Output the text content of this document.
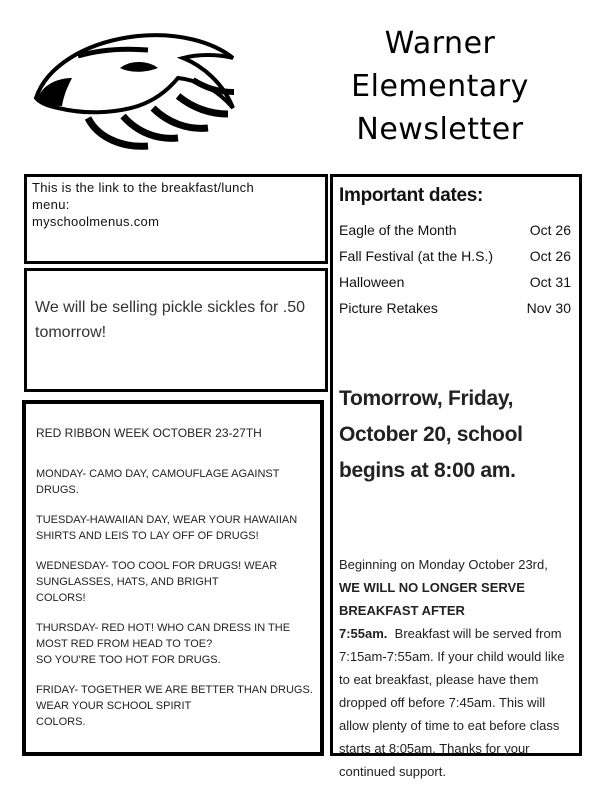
Warner
Elementary
Newsletter

This is the link to the breakfast/lunch

menu:

myschoolmenus.com

We will be selling pickle sickles for .50 tomorrow!

RED RIBBON WEEK OCTOBER 23-27TH

MONDAY- CAMO DAY, CAMOUFLAGE AGAINST
DRUGS.

TUESDAY-HAWAIIAN DAY, WEAR YOUR HAWAIIAN
SHIRTS AND LEIS TO LAY OFF OF DRUGS!

WEDNESDAY- TOO COOL FOR DRUGS! WEAR
SUNGLASSES, HATS, AND BRIGHT
COLORS!

THURSDAY- RED HOT! WHO CAN DRESS IN THE
MOST RED FROM HEAD TO TOE?
SO YOU'RE TOO HOT FOR DRUGS.

FRIDAY- TOGETHER WE ARE BETTER THAN DRUGS.
WEAR YOUR SCHOOL SPIRIT
COLORS.

Important dates:
Eagle of the Month	Oct 26
Fall Festival (at the H.S.)	Oct 26
Halloween	Oct 31
Picture Retakes	Nov 30

Tomorrow, Friday, October 20, school begins at 8:00 am.

Beginning on Monday October 23rd, WE WILL NO LONGER SERVE BREAKFAST AFTER 7:55am. Breakfast will be served from 7:15am-7:55am. If your child would like to eat breakfast, please have them dropped off before 7:45am. This will allow plenty of time to eat before class starts at 8:05am. Thanks for your continued support.
